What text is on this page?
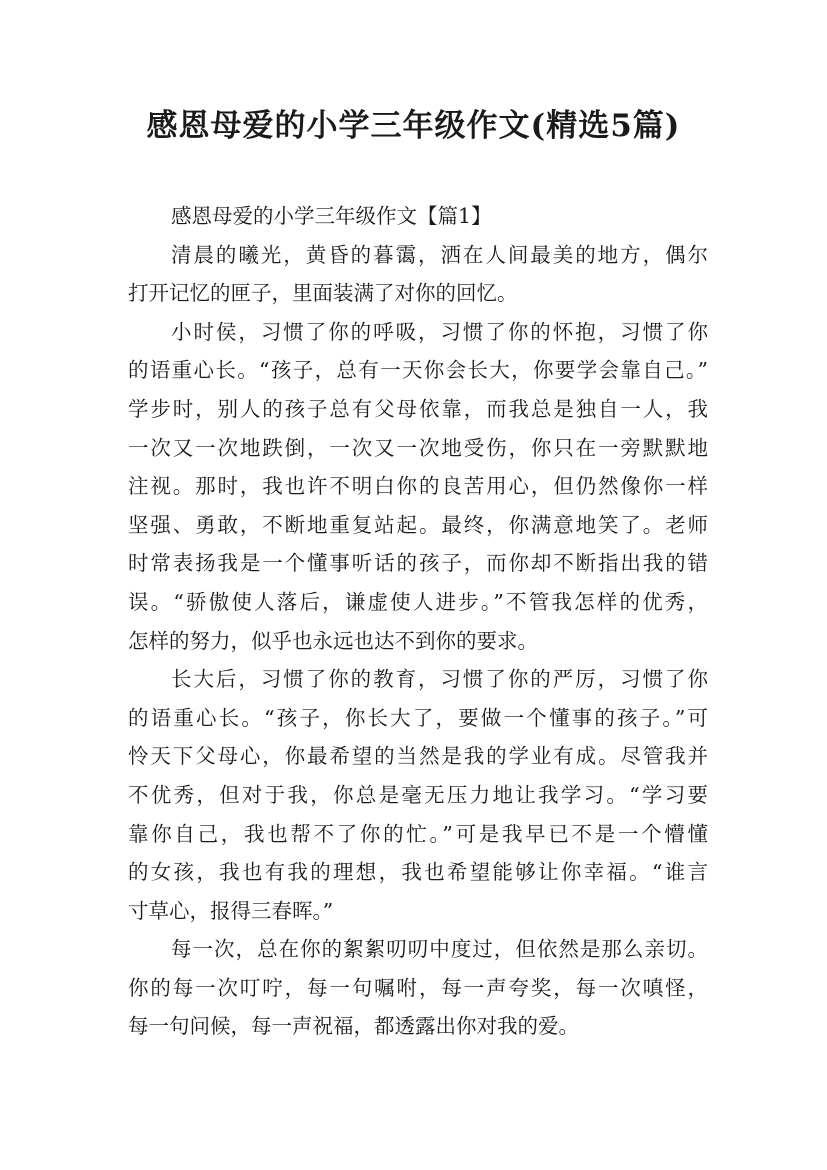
感恩母爱的小学三年级作文(精选5篇)
感恩母爱的小学三年级作文【篇1】
清晨的曦光，黄昏的暮霭，洒在人间最美的地方，偶尔
打开记忆的匣子，里面装满了对你的回忆。
小时侯，习惯了你的呼吸，习惯了你的怀抱，习惯了你
的语重心长。“孩子，总有一天你会长大，你要学会靠自己。”
学步时，别人的孩子总有父母依靠，而我总是独自一人，我
一次又一次地跌倒，一次又一次地受伤，你只在一旁默默地
注视。那时，我也许不明白你的良苦用心，但仍然像你一样
坚强、勇敢，不断地重复站起。最终，你满意地笑了。老师
时常表扬我是一个懂事听话的孩子，而你却不断指出我的错
误。“骄傲使人落后，谦虚使人进步。”不管我怎样的优秀，
怎样的努力，似乎也永远也达不到你的要求。
长大后，习惯了你的教育，习惯了你的严厉，习惯了你
的语重心长。“孩子，你长大了，要做一个懂事的孩子。”可
怜天下父母心，你最希望的当然是我的学业有成。尽管我并
不优秀，但对于我，你总是毫无压力地让我学习。“学习要
靠你自己，我也帮不了你的忙。”可是我早已不是一个懵懂
的女孩，我也有我的理想，我也希望能够让你幸福。“谁言
寸草心，报得三春晖。”
每一次，总在你的絮絮叨叨中度过，但依然是那么亲切。
你的每一次叮咛，每一句嘱咐，每一声夸奖，每一次嗔怪，
每一句问候，每一声祝福，都透露出你对我的爱。
